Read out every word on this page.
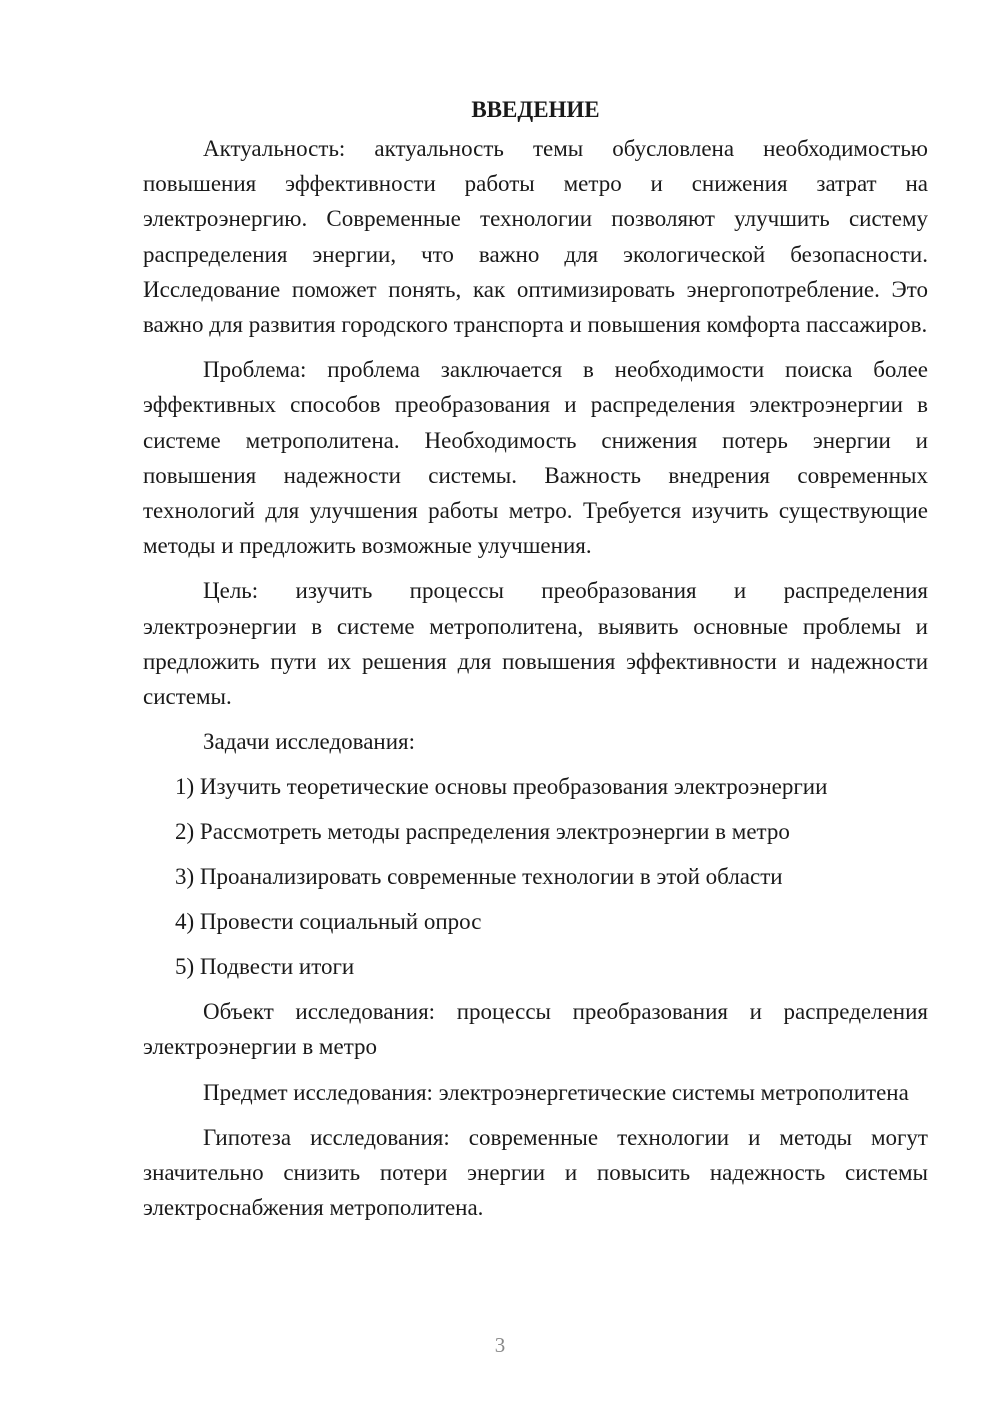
ВВЕДЕНИЕ

Актуальность: актуальность темы обусловлена необходимостью повышения эффективности работы метро и снижения затрат на электроэнергию. Современные технологии позволяют улучшить систему распределения энергии, что важно для экологической безопасности. Исследование поможет понять, как оптимизировать энергопотребление. Это важно для развития городского транспорта и повышения комфорта пассажиров.

Проблема: проблема заключается в необходимости поиска более эффективных способов преобразования и распределения электроэнергии в системе метрополитена. Необходимость снижения потерь энергии и повышения надежности системы. Важность внедрения современных технологий для улучшения работы метро. Требуется изучить существующие методы и предложить возможные улучшения.

Цель: изучить процессы преобразования и распределения электроэнергии в системе метрополитена, выявить основные проблемы и предложить пути их решения для повышения эффективности и надежности системы.

Задачи исследования:
1) Изучить теоретические основы преобразования электроэнергии
2) Рассмотреть методы распределения электроэнергии в метро
3) Проанализировать современные технологии в этой области
4) Провести социальный опрос
5) Подвести итоги

Объект исследования: процессы преобразования и распределения электроэнергии в метро

Предмет исследования: электроэнергетические системы метрополитена

Гипотеза исследования: современные технологии и методы могут значительно снизить потери энергии и повысить надежность системы электроснабжения метрополитена.

3
